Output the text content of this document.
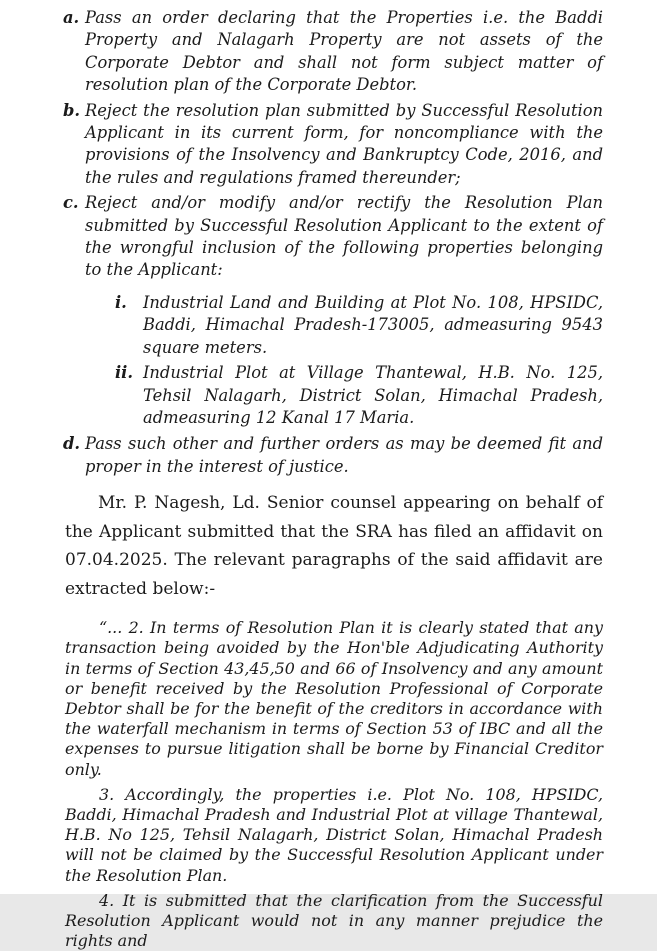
a. Pass an order declaring that the Properties i.e. the Baddi Property and Nalagarh Property are not assets of the Corporate Debtor and shall not form subject matter of resolution plan of the Corporate Debtor.
b. Reject the resolution plan submitted by Successful Resolution Applicant in its current form, for noncompliance with the provisions of the Insolvency and Bankruptcy Code, 2016, and the rules and regulations framed thereunder;
c. Reject and/or modify and/or rectify the Resolution Plan submitted by Successful Resolution Applicant to the extent of the wrongful inclusion of the following properties belonging to the Applicant:
i. Industrial Land and Building at Plot No. 108, HPSIDC, Baddi, Himachal Pradesh-173005, admeasuring 9543 square meters.
ii. Industrial Plot at Village Thantewal, H.B. No. 125, Tehsil Nalagarh, District Solan, Himachal Pradesh, admeasuring 12 Kanal 17 Maria.
d. Pass such other and further orders as may be deemed fit and proper in the interest of justice.

Mr. P. Nagesh, Ld. Senior counsel appearing on behalf of the Applicant submitted that the SRA has filed an affidavit on 07.04.2025. The relevant paragraphs of the said affidavit are extracted below:-

“... 2. In terms of Resolution Plan it is clearly stated that any transaction being avoided by the Hon'ble Adjudicating Authority in terms of Section 43,45,50 and 66 of Insolvency and any amount or benefit received by the Resolution Professional of Corporate Debtor shall be for the benefit of the creditors in accordance with the waterfall mechanism in terms of Section 53 of IBC and all the expenses to pursue litigation shall be borne by Financial Creditor only.

3. Accordingly, the properties i.e. Plot No. 108, HPSIDC, Baddi, Himachal Pradesh and Industrial Plot at village Thantewal, H.B. No 125, Tehsil Nalagarh, District Solan, Himachal Pradesh will not be claimed by the Successful Resolution Applicant under the Resolution Plan.

4. It is submitted that the clarification from the Successful Resolution Applicant would not in any manner prejudice the rights and
